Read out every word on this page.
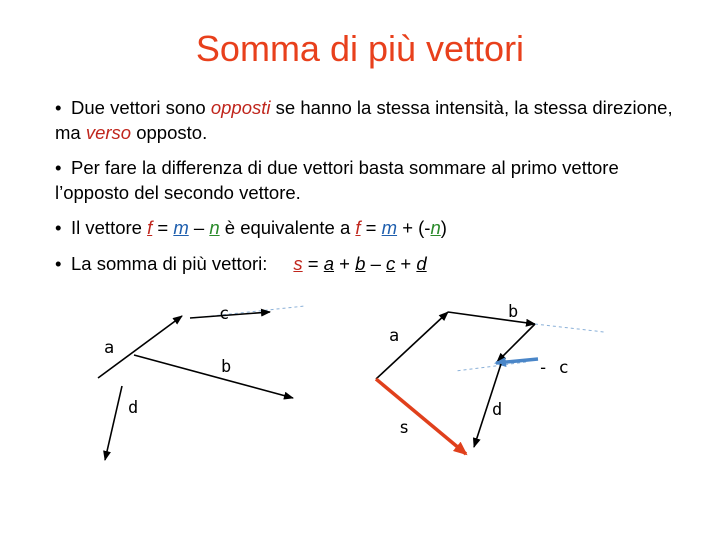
Somma di più vettori
• Due vettori sono opposti se hanno la stessa intensità, la stessa direzione, ma verso opposto.
• Per fare la differenza di due vettori basta sommare al primo vettore l’opposto del secondo vettore.
• Il vettore f = m – n è equivalente a f = m + (-n)
• La somma di più vettori: s = a + b – c + d
c
a
b
d
b
a
- c
d
s
